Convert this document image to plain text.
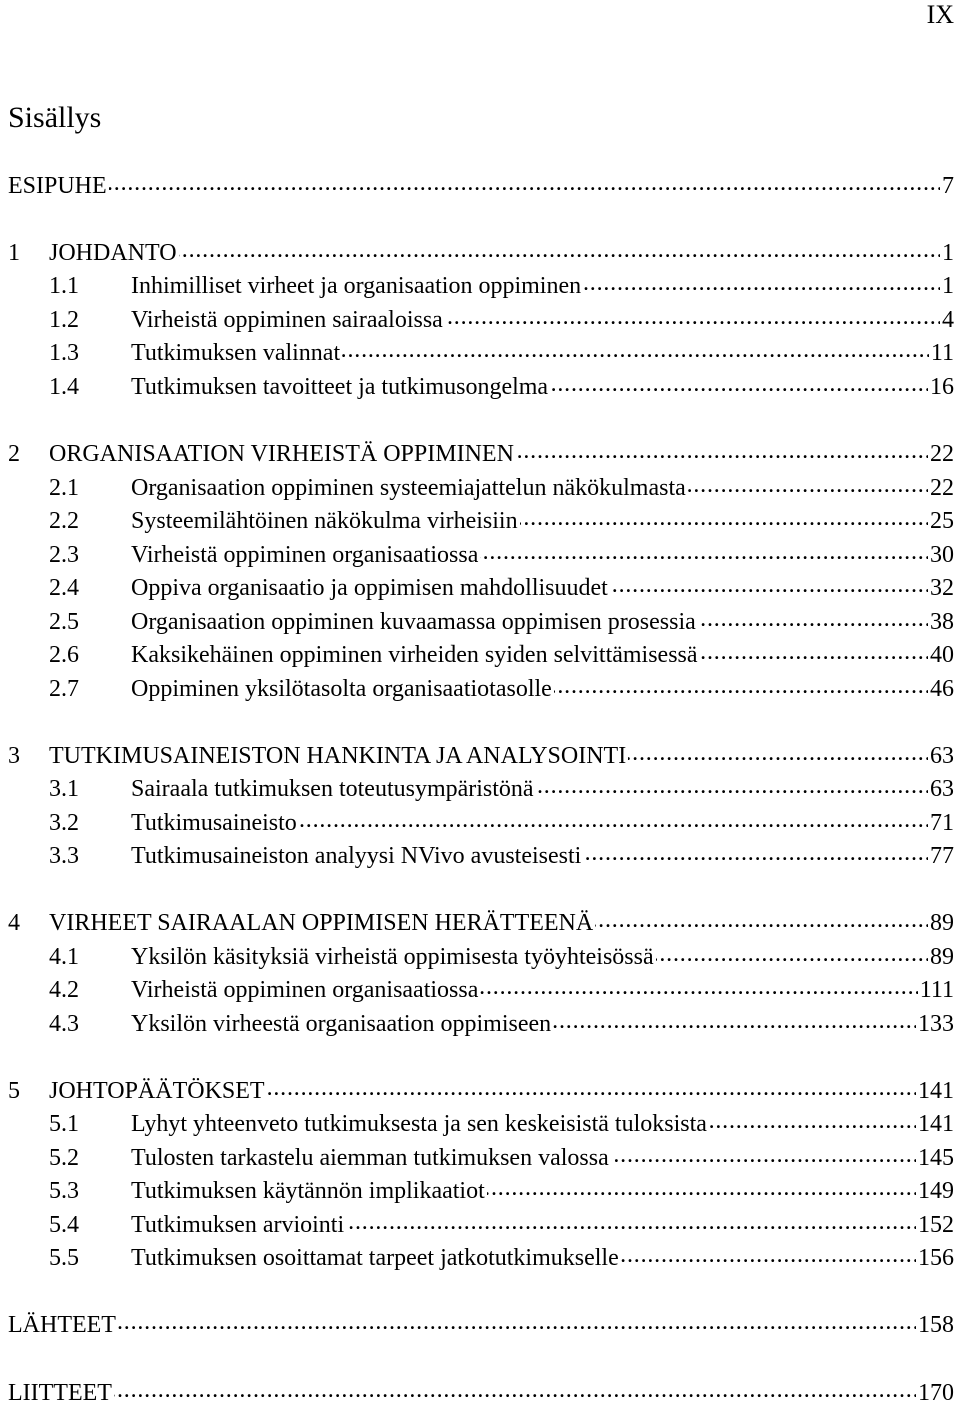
IX
Sisällys
ESIPUHE . . .	7
1	JOHDANTO . . .	1
1.1	Inhimilliset virheet ja organisaation oppiminen . . .	1
1.2	Virheistä oppiminen sairaaloissa . . .	4
1.3	Tutkimuksen valinnat . . .	11
1.4	Tutkimuksen tavoitteet ja tutkimusongelma . . .	16
2	ORGANISAATION VIRHEISTÄ OPPIMINEN . . .	22
2.1	Organisaation oppiminen systeemiajattelun näkökulmasta . . .	22
2.2	Systeemilähtöinen näkökulma virheisiin . . .	25
2.3	Virheistä oppiminen organisaatiossa . . .	30
2.4	Oppiva organisaatio ja oppimisen mahdollisuudet . . .	32
2.5	Organisaation oppiminen kuvaamassa oppimisen prosessia . . .	38
2.6	Kaksikehäinen oppiminen virheiden syiden selvittämisessä . . .	40
2.7	Oppiminen yksilötasolta organisaatiotasolle . . .	46
3	TUTKIMUSAINEISTON HANKINTA JA ANALYSOINTI . . .	63
3.1	Sairaala tutkimuksen toteutusympäristönä . . .	63
3.2	Tutkimusaineisto . . .	71
3.3	Tutkimusaineiston analyysi NVivo avusteisesti . . .	77
4	VIRHEET SAIRAALAN OPPIMISEN HERÄTTEENÄ . . .	89
4.1	Yksilön käsityksiä virheistä oppimisesta työyhteisössä . . .	89
4.2	Virheistä oppiminen organisaatiossa . . .	111
4.3	Yksilön virheestä organisaation oppimiseen . . .	133
5	JOHTOPÄÄTÖKSET . . .	141
5.1	Lyhyt yhteenveto tutkimuksesta ja sen keskeisistä tuloksista . . .	141
5.2	Tulosten tarkastelu aiemman tutkimuksen valossa . . .	145
5.3	Tutkimuksen käytännön implikaatiot . . .	149
5.4	Tutkimuksen arviointi . . .	152
5.5	Tutkimuksen osoittamat tarpeet jatkotutkimukselle . . .	156
LÄHTEET . . .	158
LIITTEET . . .	170
